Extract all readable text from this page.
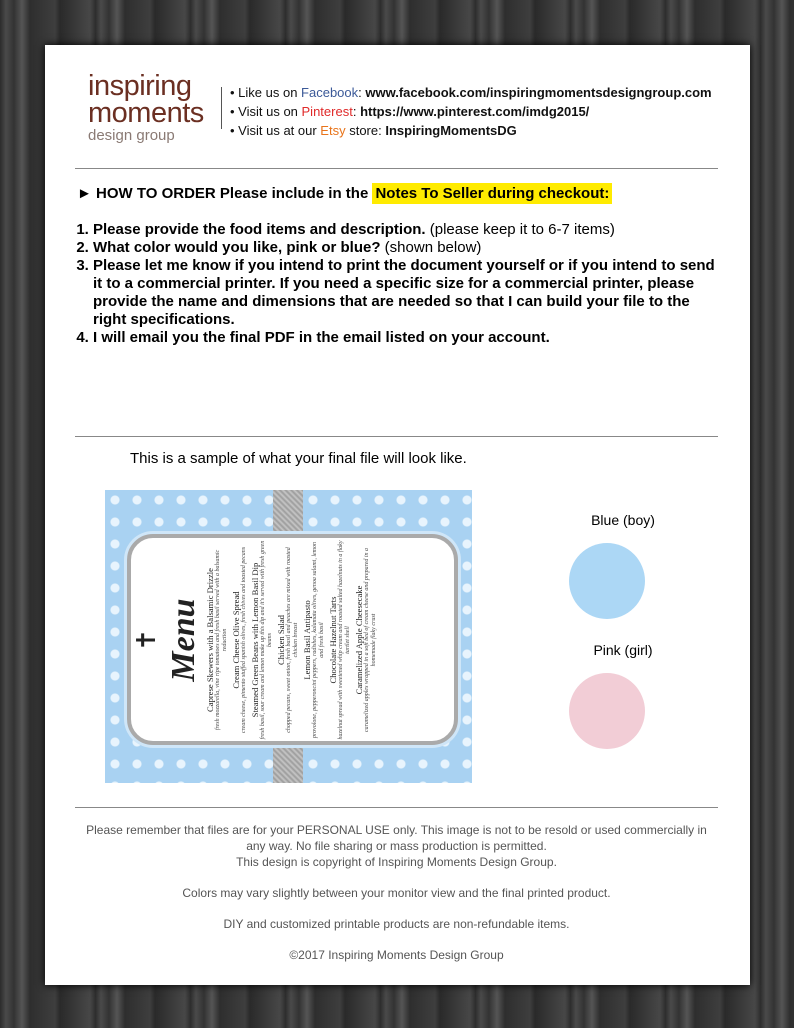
inspiring
moments
design group
• Like us on Facebook: www.facebook.com/inspiringmomentsdesigngroup.com
• Visit us on Pinterest: https://www.pinterest.com/imdg2015/
• Visit us at our Etsy store: InspiringMomentsDG
► HOW TO ORDER Please include in the Notes To Seller during checkout:
1. Please provide the food items and description. (please keep it to 6-7 items)
2. What color would you like, pink or blue? (shown below)
3. Please let me know if you intend to print the document yourself or if you intend to send it to a commercial printer. If you need a specific size for a commercial printer, please provide the name and dimensions that are needed so that I can build your file to the right specifications.
4. I will email you the final PDF in the email listed on your account.
This is a sample of what your final file will look like.
✝ Menu Caprese Skewers with a Balsamic Drizzle fresh mozzarella, vine ripe tomatoes and fresh basil served with a balsamic reduction Cream Cheese Olive Spread cream cheese, pimento stuffed spanish olives, fresh chives and toasted pecans Steamed Green Beans with Lemon Basil Dip fresh basil, sour cream and lemon make up this dip and it's served with fresh green beans Chicken Salad chopped pecans, sweet onion, fresh basil and peaches are mixed with roasted chicken breast Lemon Basil Antipasto provolone, pepperoncini peppers, radishes, kalamata olives, genoa salami, lemon and fresh basil Chocolate Hazelnut Tarts hazelnut spread with sweetened whip cream and roasted salted hazelnuts in a flaky tartlet shell Caramelized Apple Cheesecake caramelized apples wrapped in a soft bed of cream cheese and prepared in a homemade flaky crust
Blue (boy)
Pink (girl)
Please remember that files are for your PERSONAL USE only. This image is not to be resold or used commercially in any way. No file sharing or mass production is permitted.
This design is copyright of Inspiring Moments Design Group.
Colors may vary slightly between your monitor view and the final printed product.
DIY and customized printable products are non-refundable items.
©2017 Inspiring Moments Design Group
